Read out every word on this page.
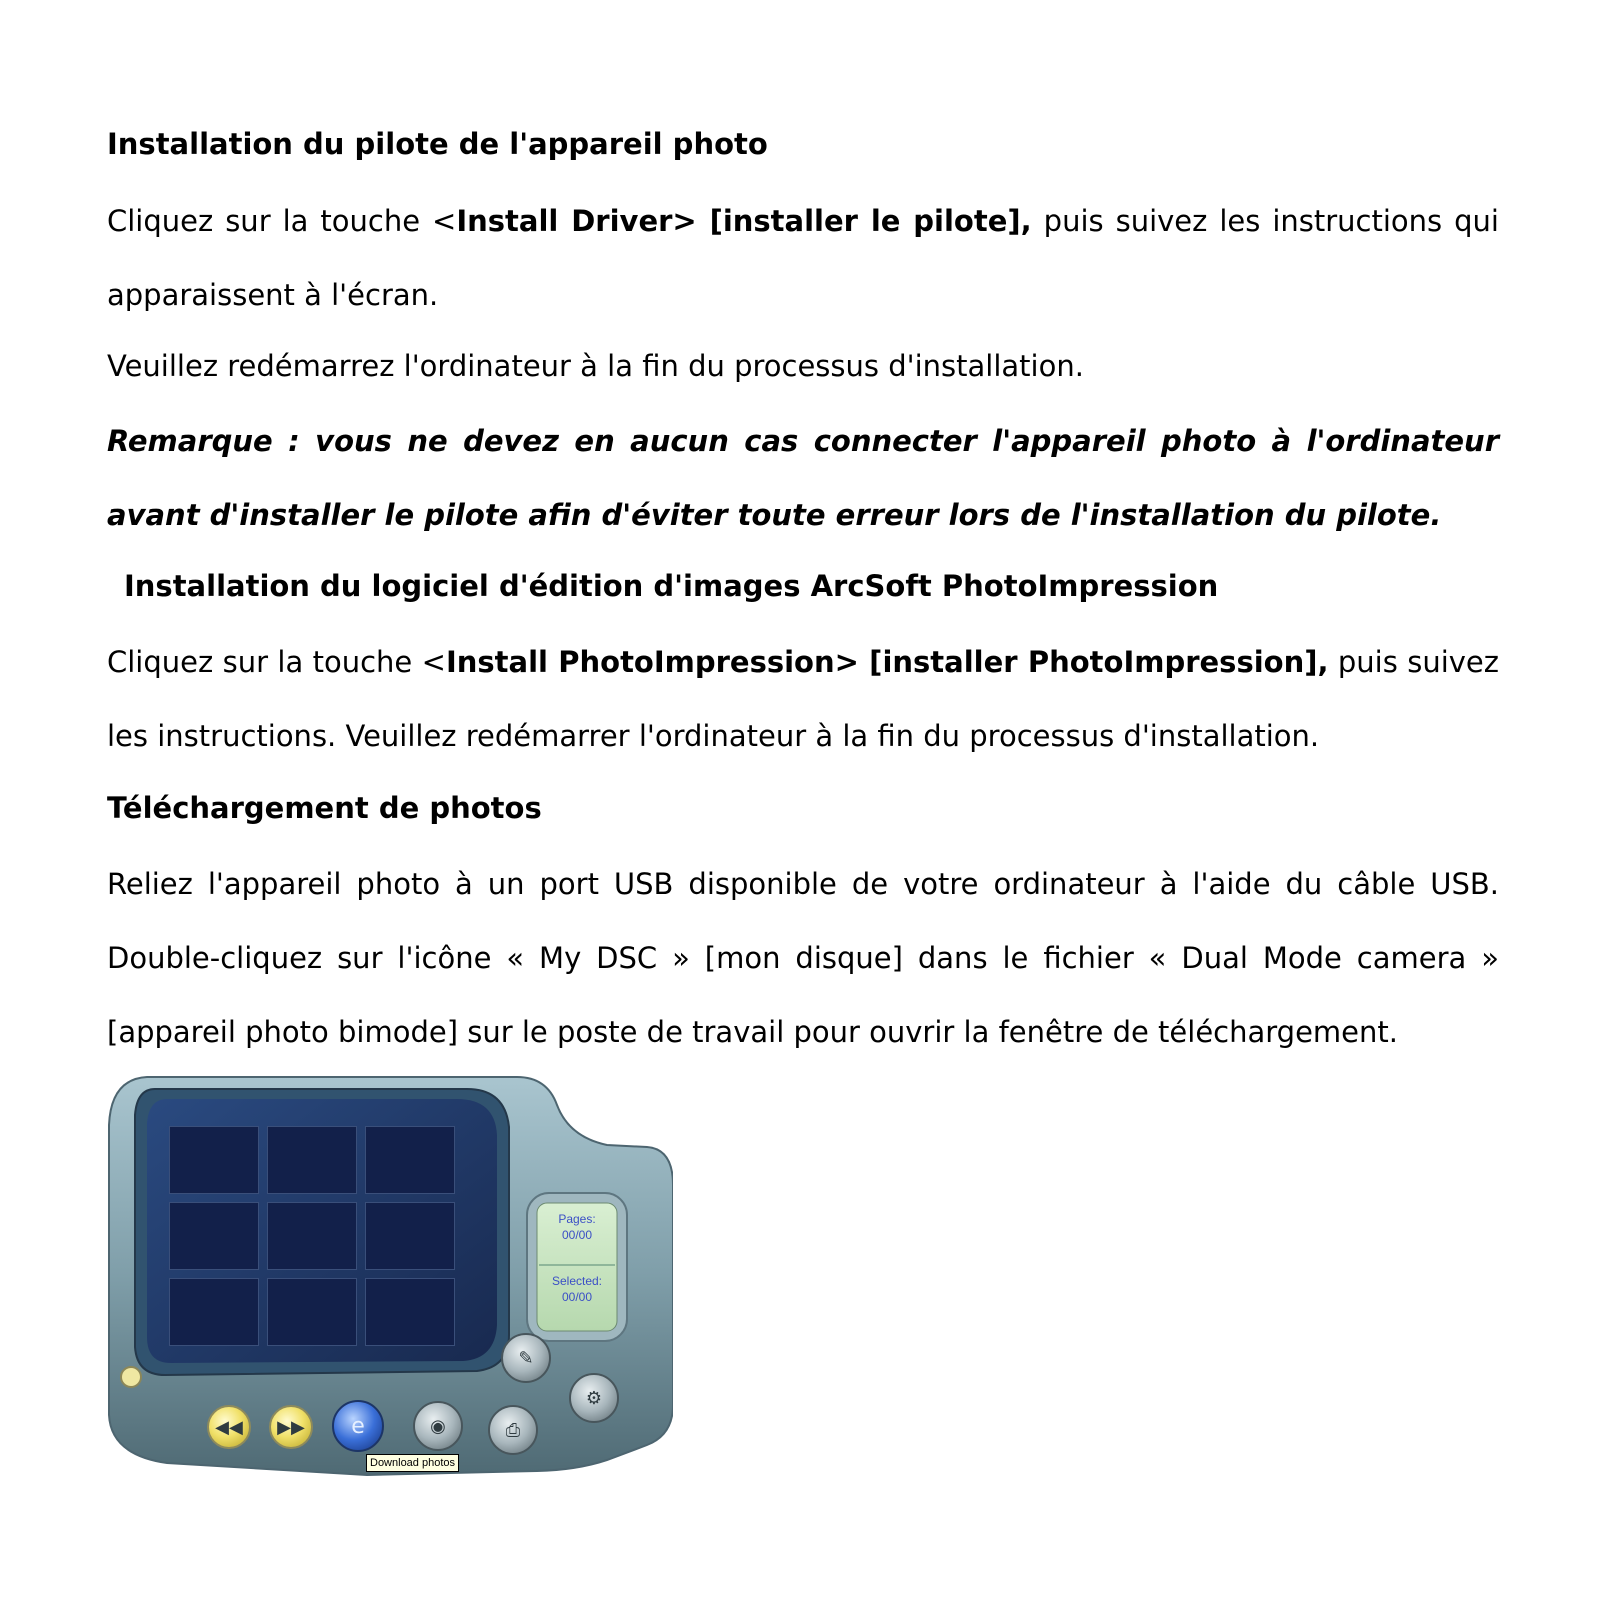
Installation du pilote de l'appareil photo
Cliquez sur la touche <Install Driver> [installer le pilote], puis suivez les instructions qui apparaissent à l'écran.
Veuillez redémarrez l'ordinateur à la fin du processus d'installation.
Remarque : vous ne devez en aucun cas connecter l'appareil photo à l'ordinateur avant d'installer le pilote afin d'éviter toute erreur lors de l'installation du pilote.
Installation du logiciel d'édition d'images ArcSoft PhotoImpression
Cliquez sur la touche <Install PhotoImpression> [installer PhotoImpression], puis suivez les instructions. Veuillez redémarrer l'ordinateur à la fin du processus d'installation.
Téléchargement de photos
Reliez l'appareil photo à un port USB disponible de votre ordinateur à l'aide du câble USB. Double-cliquez sur l'icône « My DSC » [mon disque] dans le fichier « Dual Mode camera » [appareil photo bimode] sur le poste de travail pour ouvrir la fenêtre de téléchargement.
Pages:
00/00
Selected:
00/00
◀◀	▶▶	e	◉	⎙
✎
⚙
Download photos
